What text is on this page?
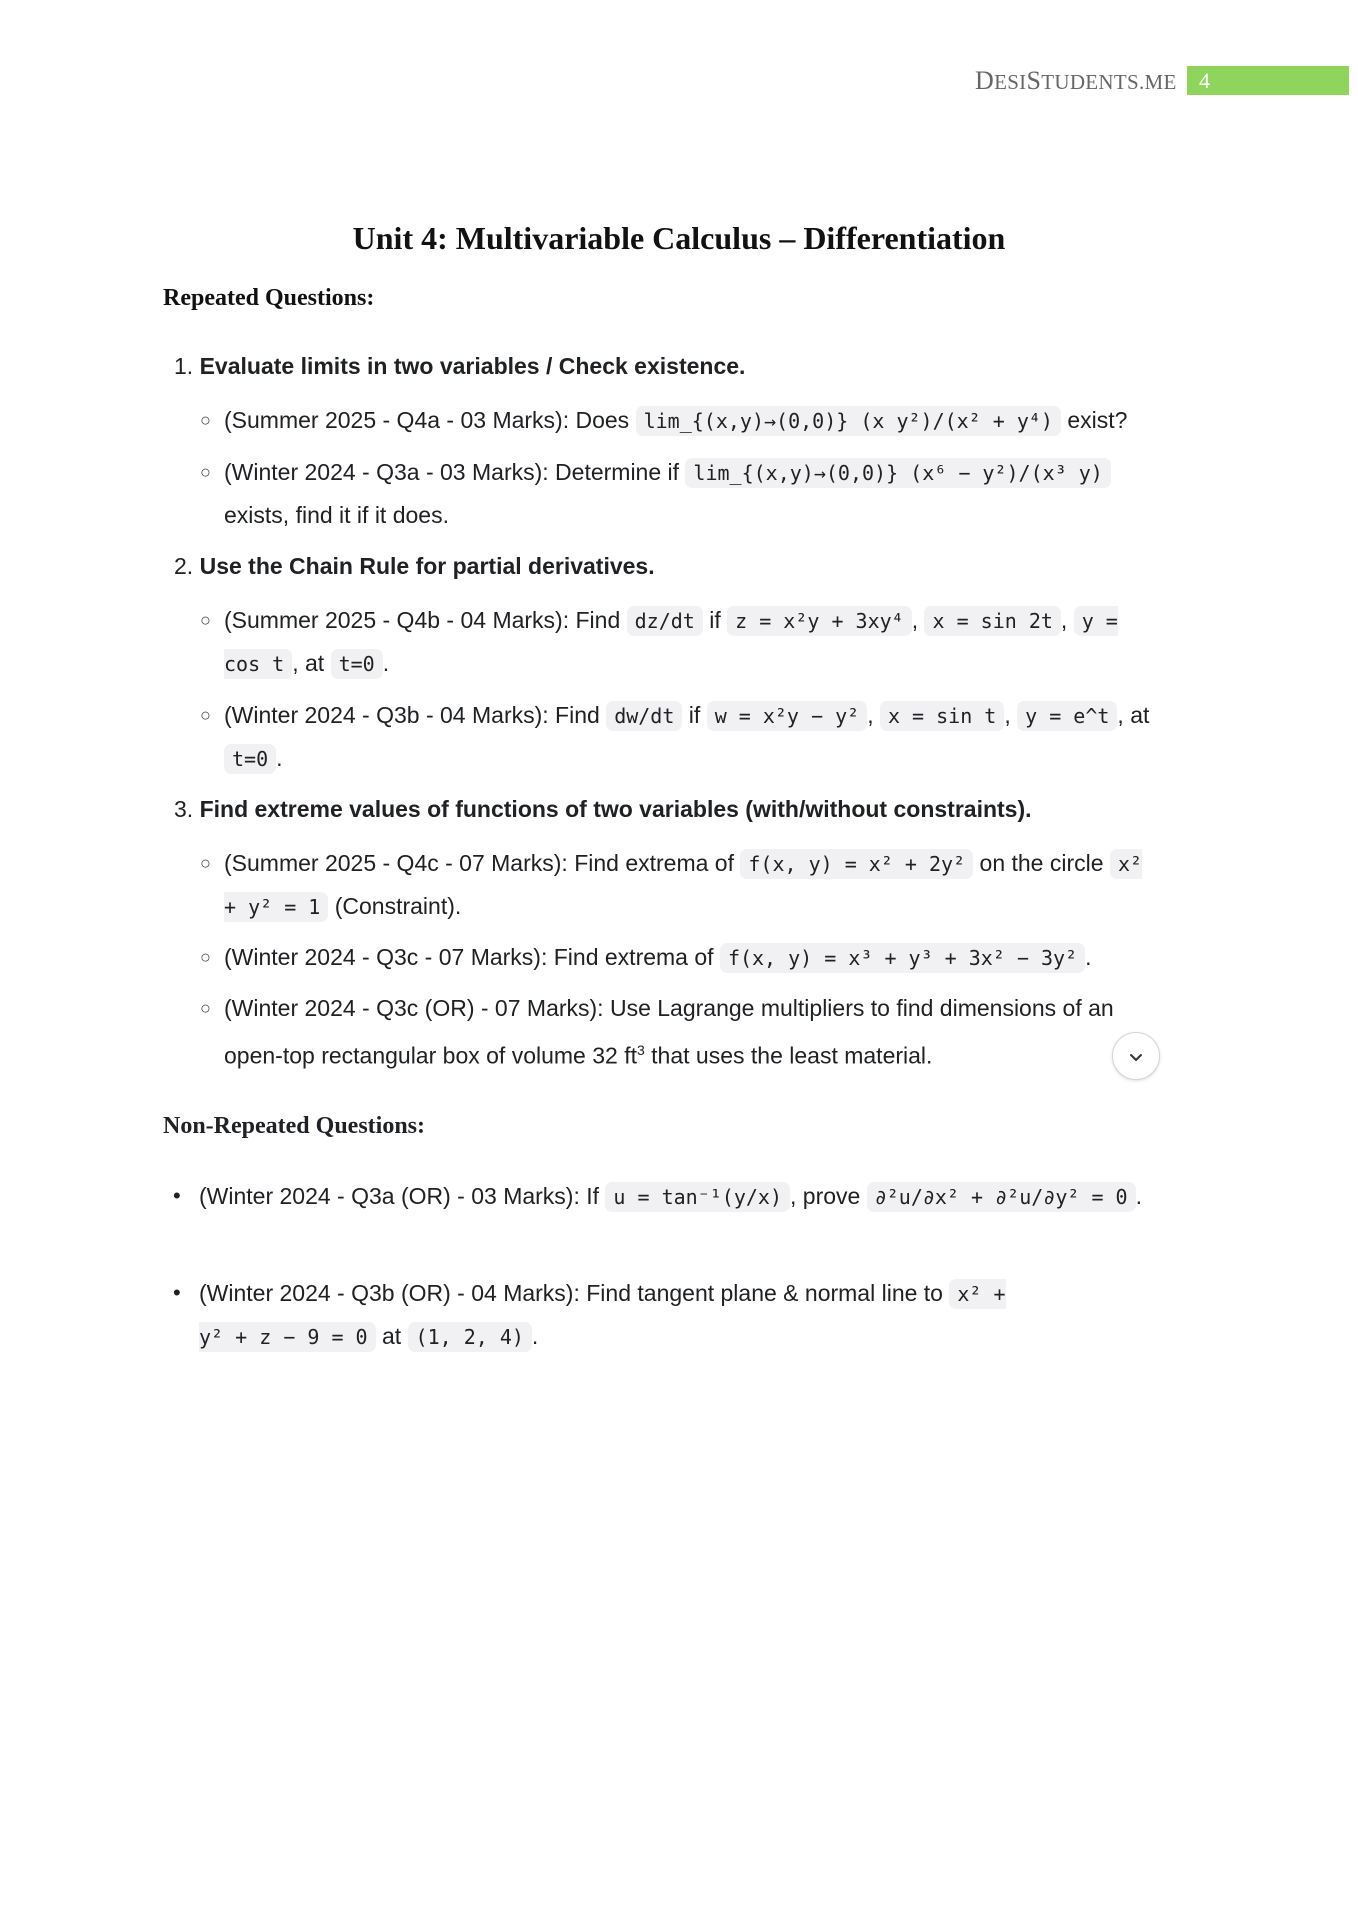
DESISTUDENTS.ME	4
Unit 4: Multivariable Calculus – Differentiation
Repeated Questions:
1. Evaluate limits in two variables / Check existence.
○ (Summer 2025 - Q4a - 03 Marks): Does lim_{(x,y)→(0,0)} (x y²)/(x² + y⁴) exist?
○ (Winter 2024 - Q3a - 03 Marks): Determine if lim_{(x,y)→(0,0)} (x⁶ − y²)/(x³ y) exists, find it if it does.
2. Use the Chain Rule for partial derivatives.
○ (Summer 2025 - Q4b - 04 Marks): Find dz/dt if z = x²y + 3xy⁴ , x = sin 2t , y = cos t , at t=0 .
○ (Winter 2024 - Q3b - 04 Marks): Find dw/dt if w = x²y − y² , x = sin t , y = e^t , at t=0 .
3. Find extreme values of functions of two variables (with/without constraints).
○ (Summer 2025 - Q4c - 07 Marks): Find extrema of f(x, y) = x² + 2y² on the circle x² + y² = 1 (Constraint).
○ (Winter 2024 - Q3c - 07 Marks): Find extrema of f(x, y) = x³ + y³ + 3x² − 3y² .
○ (Winter 2024 - Q3c (OR) - 07 Marks): Use Lagrange multipliers to find dimensions of an open-top rectangular box of volume 32 $ft^3$ that uses the least material.
Non-Repeated Questions:
• (Winter 2024 - Q3a (OR) - 03 Marks): If u = tan⁻¹(y/x) , prove ∂²u/∂x² + ∂²u/∂y² = 0 .
• (Winter 2024 - Q3b (OR) - 04 Marks): Find tangent plane & normal line to x² + y² + z − 9 = 0 at (1, 2, 4) .
